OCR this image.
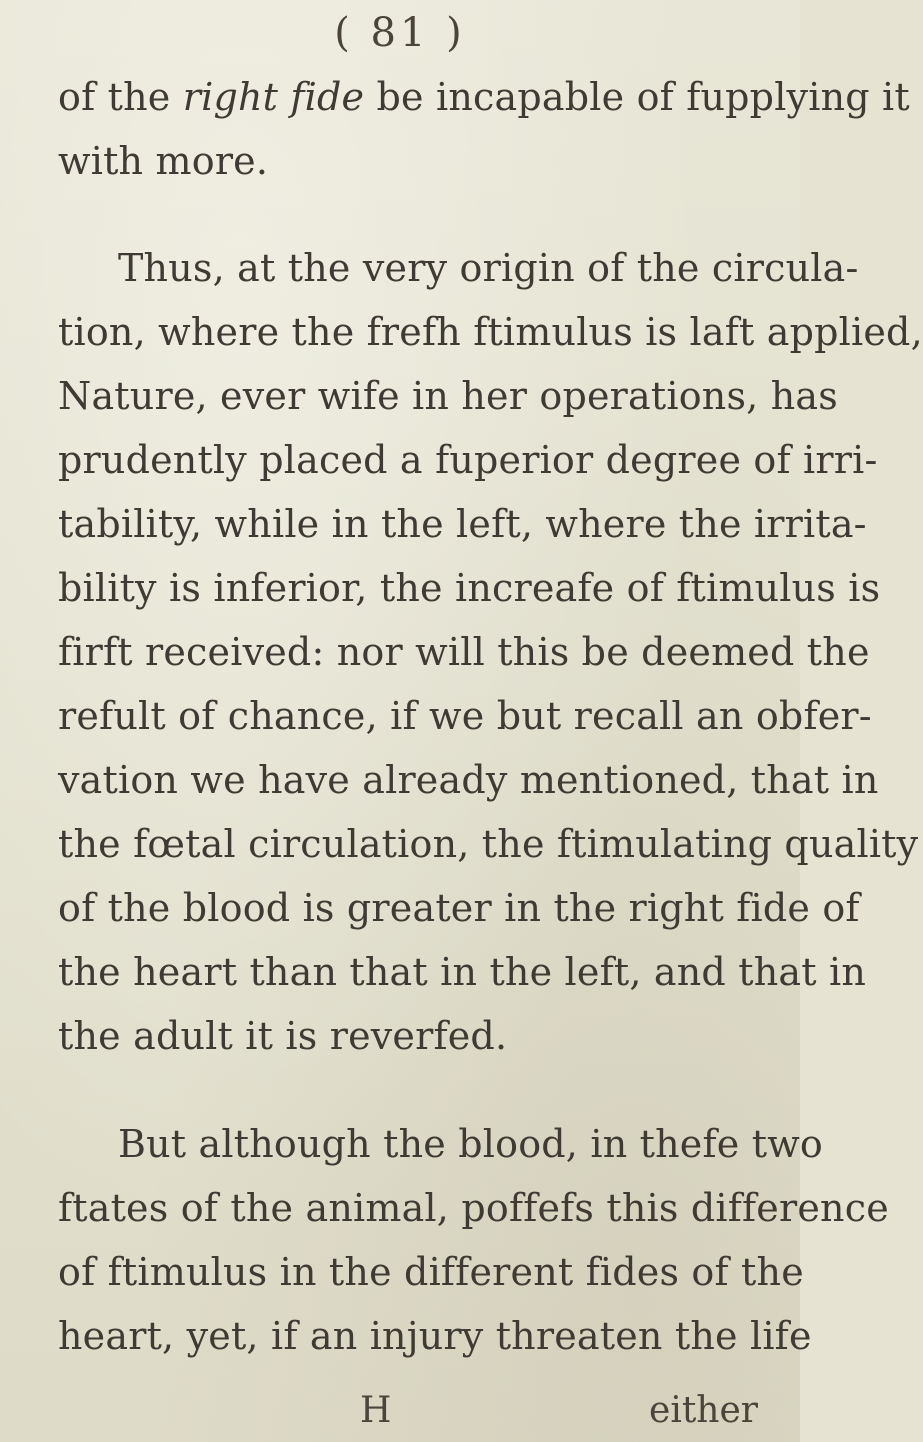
( 81 )
of the right fide be incapable of fupplying it
with more.
Thus, at the very origin of the circula-
tion, where the frefh ftimulus is laft applied,
Nature, ever wife in her operations, has
prudently placed a fuperior degree of irri-
tability, while in the left, where the irrita-
bility is inferior, the increafe of ftimulus is
firft received: nor will this be deemed the
refult of chance, if we but recall an obfer-
vation we have already mentioned, that in
the fœtal circulation, the ftimulating quality
of the blood is greater in the right fide of
the heart than that in the left, and that in
the adult it is reverfed.
But although the blood, in thefe two
ftates of the animal, poffefs this difference
of ftimulus in the different fides of the
heart, yet, if an injury threaten the life
H	either
